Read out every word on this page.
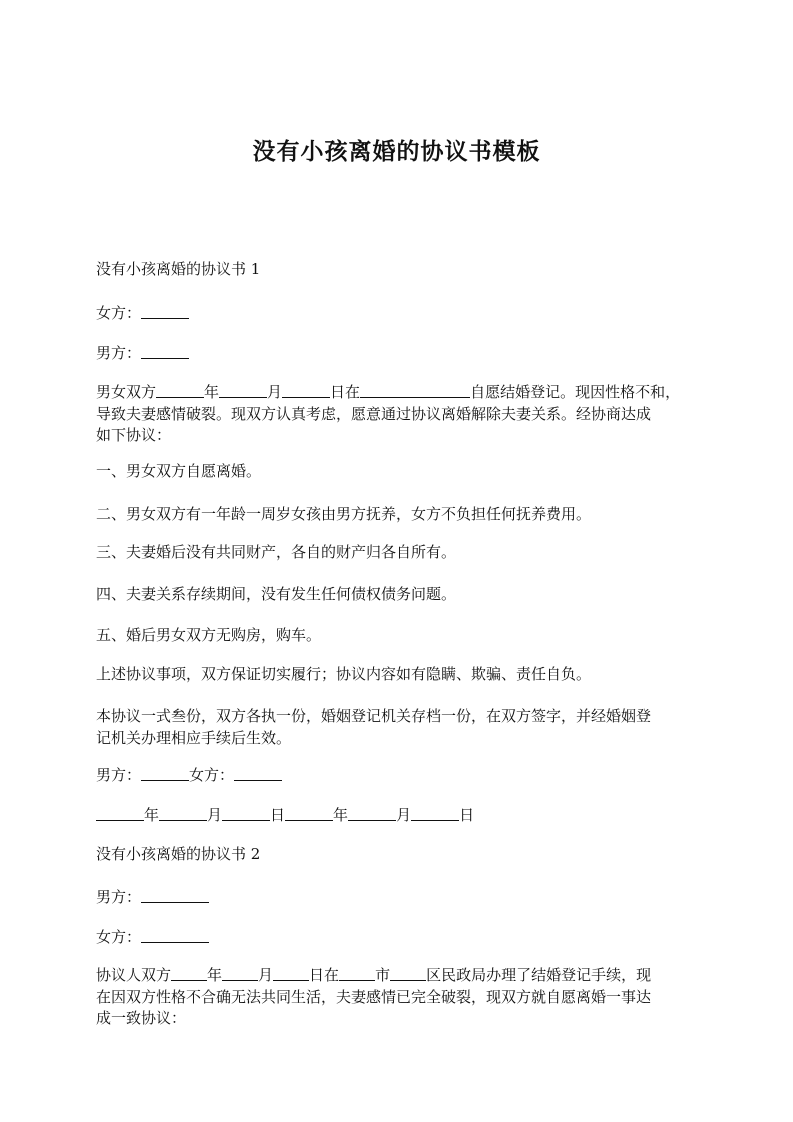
没有小孩离婚的协议书模板

没有小孩离婚的协议书 1

女方：

男方：

男女双方	年	月	日在	自愿结婚登记。现因性格不和，
导致夫妻感情破裂。现双方认真考虑，愿意通过协议离婚解除夫妻关系。经协商达成
如下协议：

一、男女双方自愿离婚。

二、男女双方有一年龄一周岁女孩由男方抚养，女方不负担任何抚养费用。

三、夫妻婚后没有共同财产，各自的财产归各自所有。

四、夫妻关系存续期间，没有发生任何债权债务问题。

五、婚后男女双方无购房，购车。

上述协议事项，双方保证切实履行；协议内容如有隐瞒、欺骗、责任自负。

本协议一式叁份，双方各执一份，婚姻登记机关存档一份，在双方签字，并经婚姻登
记机关办理相应手续后生效。

男方：	女方：

年	月	日	年	月	日

没有小孩离婚的协议书 2

男方：

女方：

协议人双方 年 月 日在 市 区民政局办理了结婚登记手续，现
在因双方性格不合确无法共同生活，夫妻感情已完全破裂，现双方就自愿离婚一事达
成一致协议：
